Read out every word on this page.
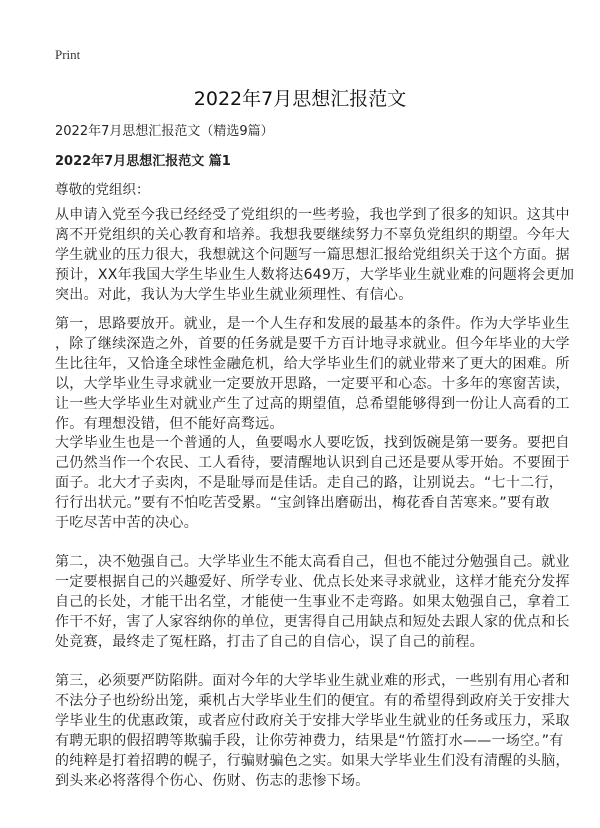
Print
2022年7月思想汇报范文
2022年7月思想汇报范文（精选9篇）
2022年7月思想汇报范文 篇1
尊敬的党组织：
从申请入党至今我已经经受了党组织的一些考验，我也学到了很多的知识。这其中
离不开党组织的关心教育和培养。我想我要继续努力不辜负党组织的期望。今年大
学生就业的压力很大，我想就这个问题写一篇思想汇报给党组织关于这个方面。据
预计，XX年我国大学生毕业生人数将达649万，大学毕业生就业难的问题将会更加
突出。对此，我认为大学生毕业生就业须理性、有信心。
第一，思路要放开。就业，是一个人生存和发展的最基本的条件。作为大学毕业生
，除了继续深造之外，首要的任务就是要千方百计地寻求就业。但今年毕业的大学
生比往年，又恰逢全球性金融危机，给大学毕业生们的就业带来了更大的困难。所
以，大学毕业生寻求就业一定要放开思路，一定要平和心态。十多年的寒窗苦读，
让一些大学毕业生对就业产生了过高的期望值，总希望能够得到一份让人高看的工
作。有理想没错，但不能好高骛远。
大学毕业生也是一个普通的人，鱼要喝水人要吃饭，找到饭碗是第一要务。要把自
己仍然当作一个农民、工人看待，要清醒地认识到自己还是要从零开始。不要囿于
面子。北大才子卖肉，不是耻辱而是佳话。走自己的路，让别说去。“七十二行，
行行出状元。”要有不怕吃苦受累。“宝剑锋出磨砺出，梅花香自苦寒来。”要有敢
于吃尽苦中苦的决心。
第二，决不勉强自己。大学毕业生不能太高看自己，但也不能过分勉强自己。就业
一定要根据自己的兴趣爱好、所学专业、优点长处来寻求就业，这样才能充分发挥
自己的长处，才能干出名堂，才能使一生事业不走弯路。如果太勉强自己，拿着工
作干不好，害了人家容纳你的单位，更害得自己用缺点和短处去跟人家的优点和长
处竞赛，最终走了冤枉路，打击了自己的自信心，误了自己的前程。
第三，必须要严防陷阱。面对今年的大学毕业生就业难的形式，一些别有用心者和
不法分子也纷纷出笼，乘机占大学毕业生们的便宜。有的希望得到政府关于安排大
学毕业生的优惠政策，或者应付政府关于安排大学毕业生就业的任务或压力，采取
有聘无职的假招聘等欺骗手段，让你劳神费力，结果是“竹篮打水——一场空。”有
的纯粹是打着招聘的幌子，行骗财骗色之实。如果大学毕业生们没有清醒的头脑，
到头来必将落得个伤心、伤财、伤志的悲惨下场。
